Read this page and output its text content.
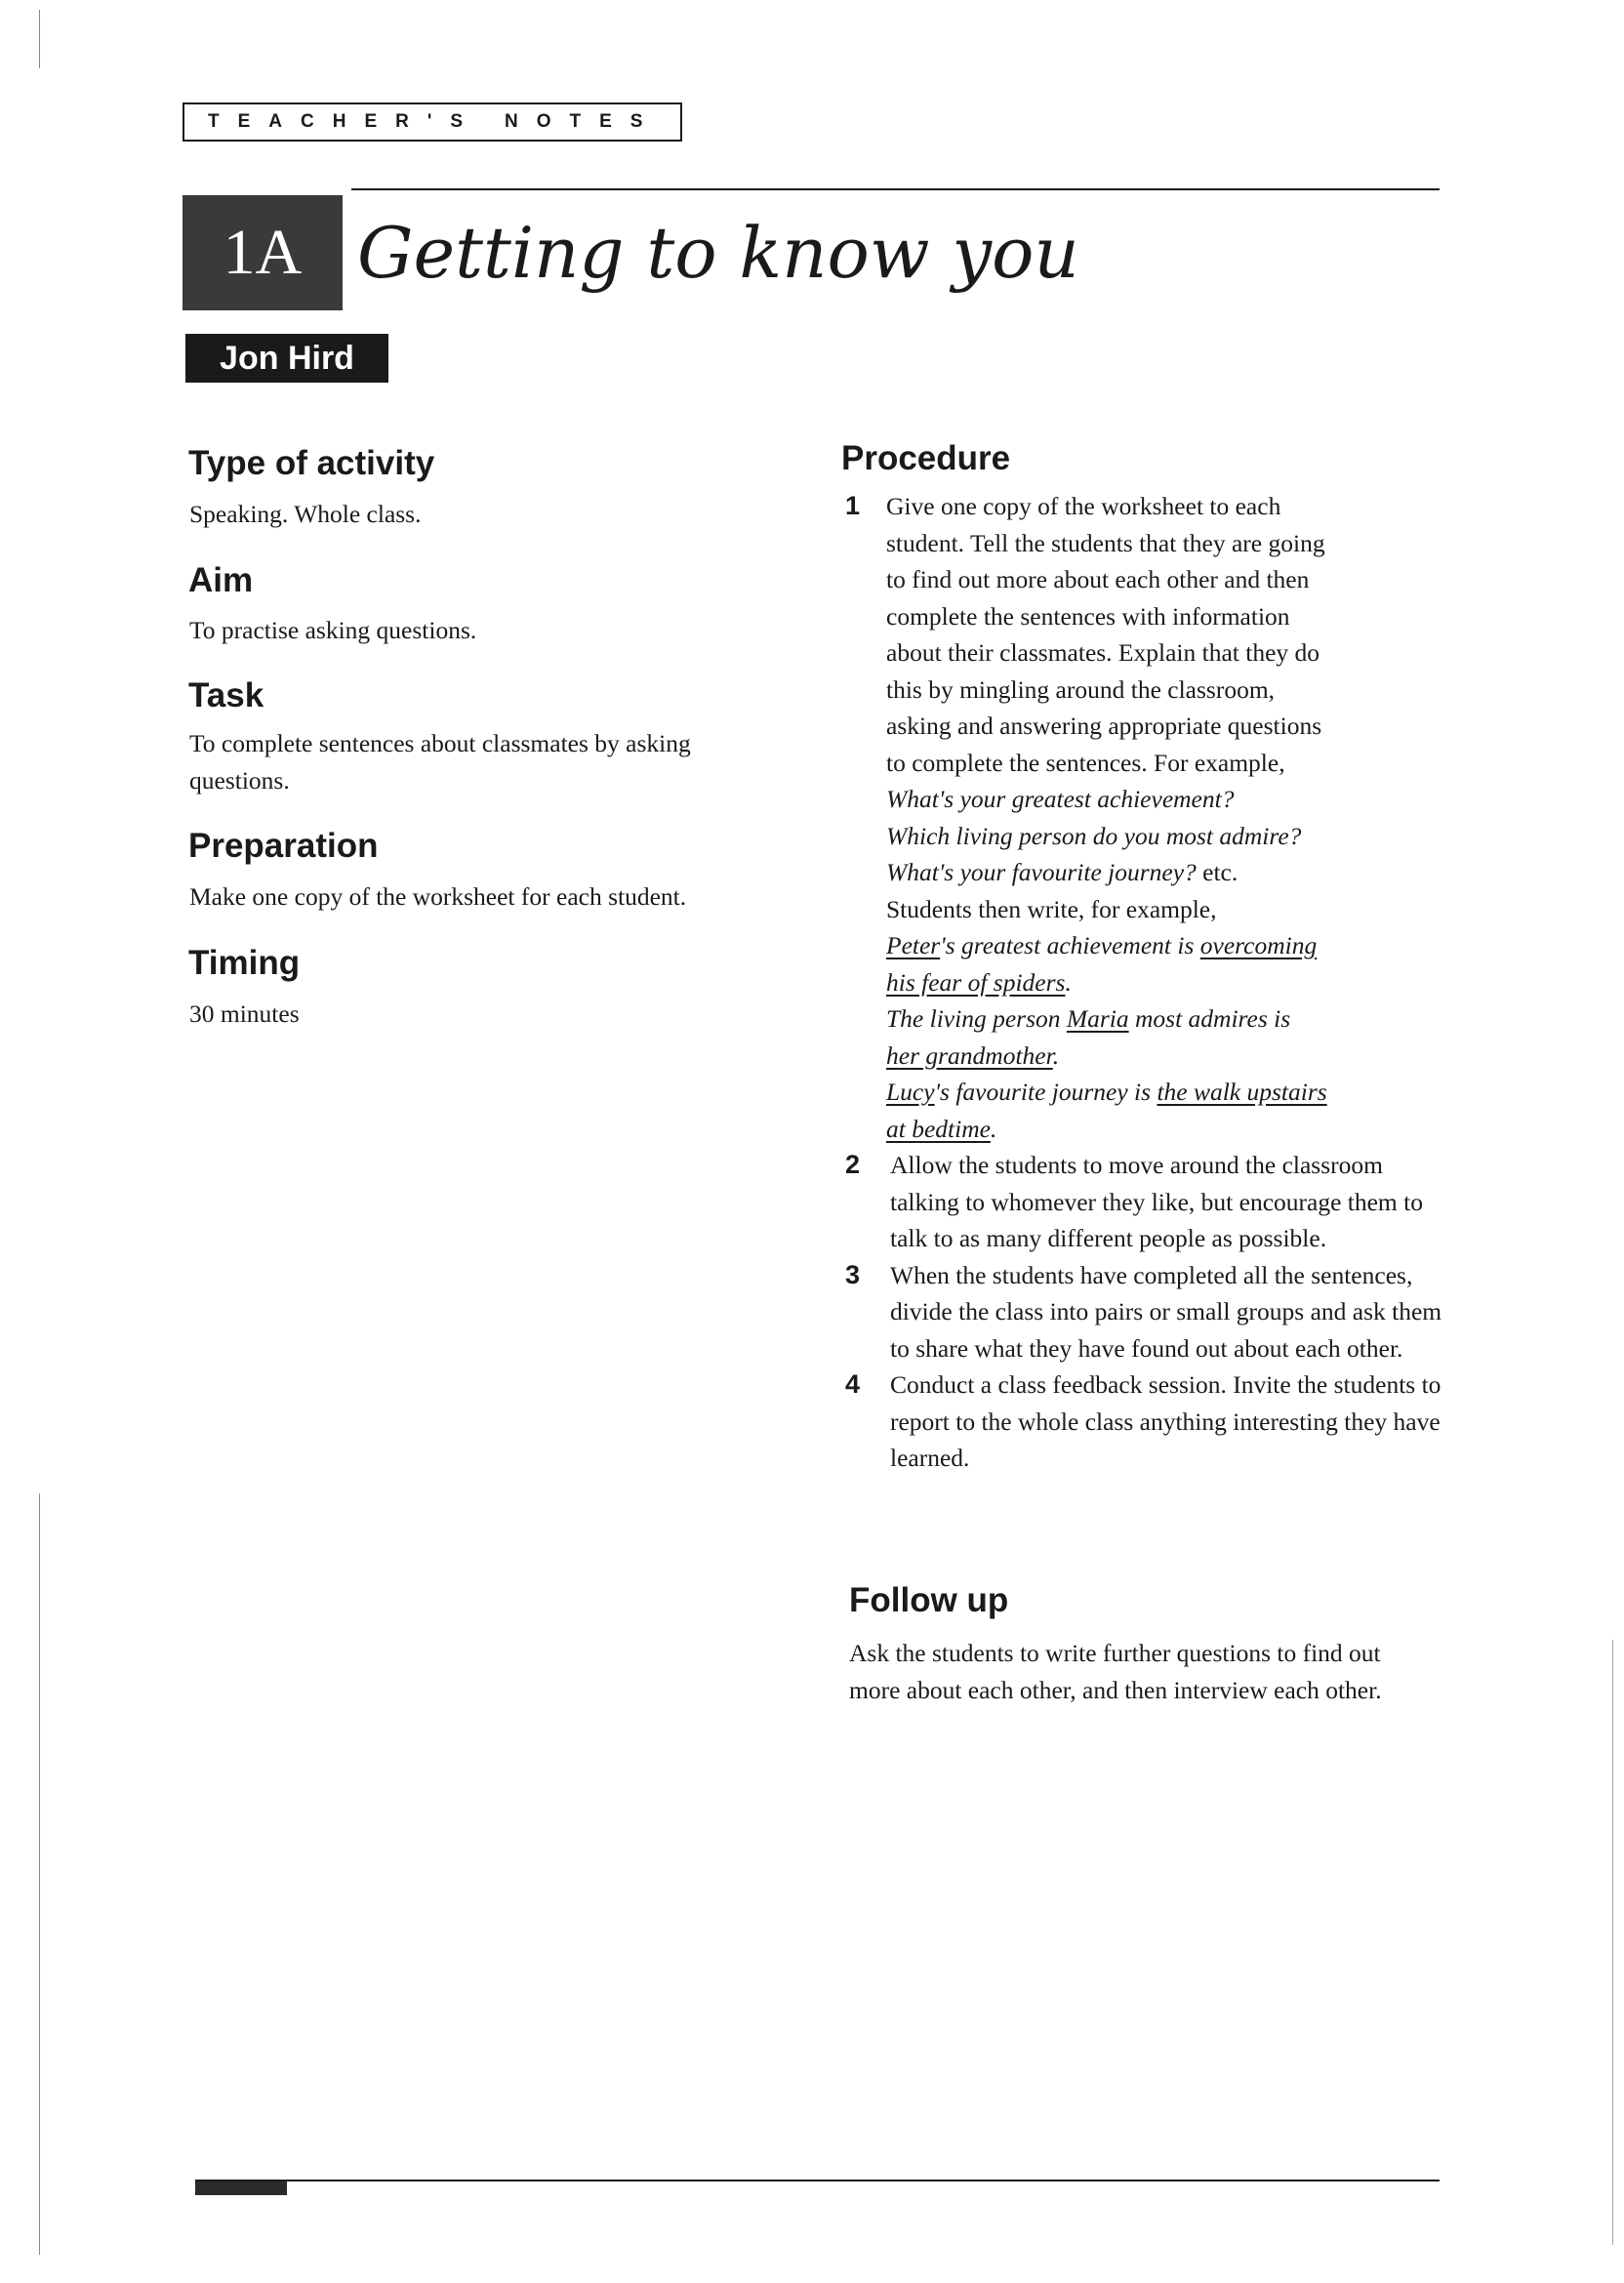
TEACHER'S NOTES
1A Getting to know you
Jon Hird
Type of activity

Speaking. Whole class.

Aim

To practise asking questions.

Task

To complete sentences about classmates by asking questions.

Preparation

Make one copy of the worksheet for each student.

Timing

30 minutes

Procedure
1 Give one copy of the worksheet to each
student. Tell the students that they are going
to find out more about each other and then
complete the sentences with information
about their classmates. Explain that they do
this by mingling around the classroom,
asking and answering appropriate questions
to complete the sentences. For example,
What's your greatest achievement?
Which living person do you most admire?
What's your favourite journey? etc.
Students then write, for example,
Peter's greatest achievement is overcoming
his fear of spiders.
The living person Maria most admires is
her grandmother.
Lucy's favourite journey is the walk upstairs
at bedtime.
2 Allow the students to move around the classroom talking to whomever they like, but encourage them to talk to as many different people as possible.
3 When the students have completed all the sentences, divide the class into pairs or small groups and ask them to share what they have found out about each other.
4 Conduct a class feedback session. Invite the students to report to the whole class anything interesting they have learned.
Follow up

Ask the students to write further questions to find out more about each other, and then interview each other.
